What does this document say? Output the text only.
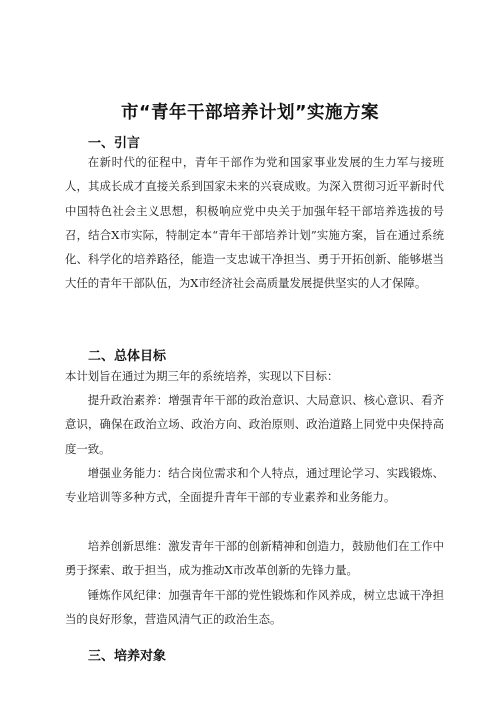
市“青年干部培养计划”实施方案
一、引言

在新时代的征程中，青年干部作为党和国家事业发展的生力军与接班人，其成长成才直接关系到国家未来的兴衰成败。为深入贯彻习近平新时代中国特色社会主义思想，积极响应党中央关于加强年轻干部培养选拔的号召，结合X市实际，特制定本“青年干部培养计划”实施方案，旨在通过系统化、科学化的培养路径，能造一支忠诚干净担当、勇于开拓创新、能够堪当大任的青年干部队伍，为X市经济社会高质量发展提供坚实的人才保障。

二、总体目标

本计划旨在通过为期三年的系统培养，实现以下目标：

提升政治素养：增强青年干部的政治意识、大局意识、核心意识、看齐意识，确保在政治立场、政治方向、政治原则、政治道路上同党中央保持高度一致。

增强业务能力：结合岗位需求和个人特点，通过理论学习、实践锻炼、专业培训等多种方式，全面提升青年干部的专业素养和业务能力。

培养创新思维：激发青年干部的创新精神和创造力，鼓励他们在工作中勇于探索、敢于担当，成为推动X市改革创新的先锋力量。

锤炼作风纪律：加强青年干部的党性锻炼和作风养成，树立忠诚干净担当的良好形象，营造风清气正的政治生态。

三、培养对象
